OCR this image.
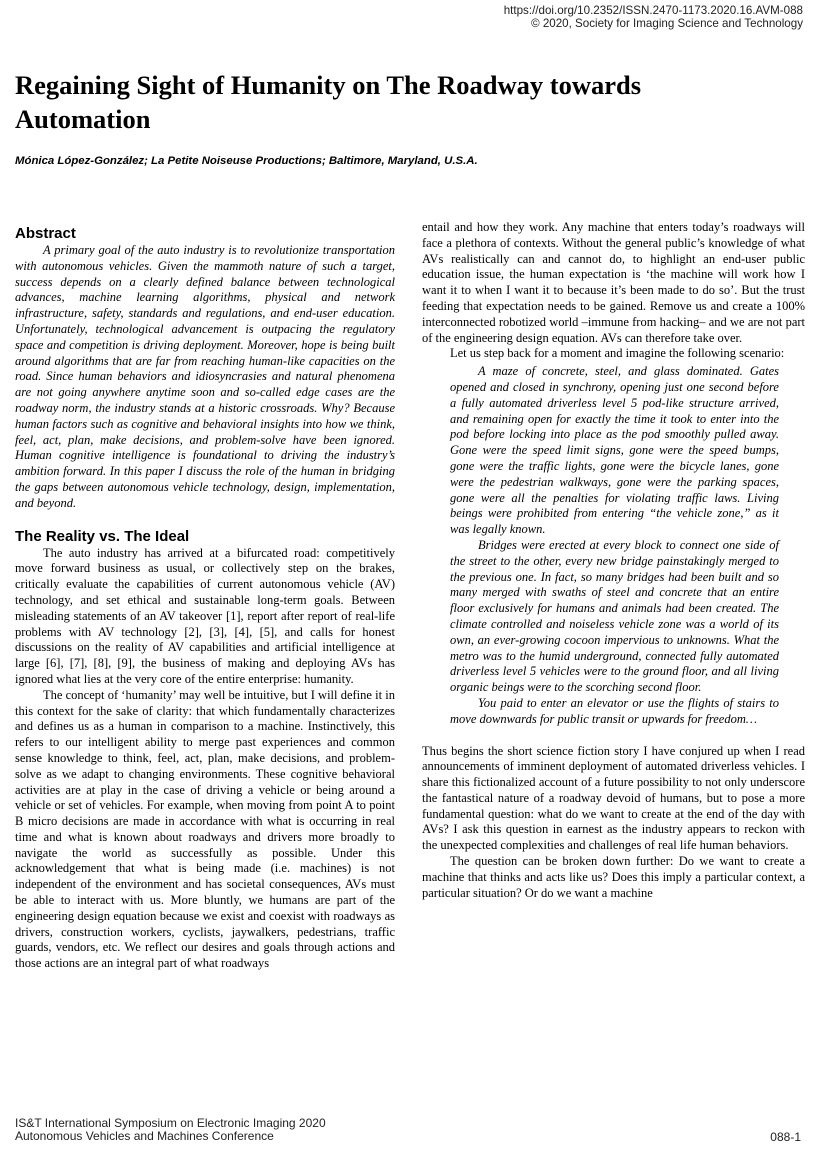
https://doi.org/10.2352/ISSN.2470-1173.2020.16.AVM-088
© 2020, Society for Imaging Science and Technology
Regaining Sight of Humanity on The Roadway towards Automation

Mónica López-González; La Petite Noiseuse Productions; Baltimore, Maryland, U.S.A.

Abstract

A primary goal of the auto industry is to revolutionize transportation with autonomous vehicles. Given the mammoth nature of such a target, success depends on a clearly defined balance between technological advances, machine learning algorithms, physical and network infrastructure, safety, standards and regulations, and end-user education. Unfortunately, technological advancement is outpacing the regulatory space and competition is driving deployment. Moreover, hope is being built around algorithms that are far from reaching human-like capacities on the road. Since human behaviors and idiosyncrasies and natural phenomena are not going anywhere anytime soon and so-called edge cases are the roadway norm, the industry stands at a historic crossroads. Why? Because human factors such as cognitive and behavioral insights into how we think, feel, act, plan, make decisions, and problem-solve have been ignored. Human cognitive intelligence is foundational to driving the industry’s ambition forward. In this paper I discuss the role of the human in bridging the gaps between autonomous vehicle technology, design, implementation, and beyond.

The Reality vs. The Ideal

The auto industry has arrived at a bifurcated road: competitively move forward business as usual, or collectively step on the brakes, critically evaluate the capabilities of current autonomous vehicle (AV) technology, and set ethical and sustainable long-term goals. Between misleading statements of an AV takeover [1], report after report of real-life problems with AV technology [2], [3], [4], [5], and calls for honest discussions on the reality of AV capabilities and artificial intelligence at large [6], [7], [8], [9], the business of making and deploying AVs has ignored what lies at the very core of the entire enterprise: humanity.

The concept of ‘humanity’ may well be intuitive, but I will define it in this context for the sake of clarity: that which fundamentally characterizes and defines us as a human in comparison to a machine. Instinctively, this refers to our intelligent ability to merge past experiences and common sense knowledge to think, feel, act, plan, make decisions, and problem-solve as we adapt to changing environments. These cognitive behavioral activities are at play in the case of driving a vehicle or being around a vehicle or set of vehicles. For example, when moving from point A to point B micro decisions are made in accordance with what is occurring in real time and what is known about roadways and drivers more broadly to navigate the world as successfully as possible. Under this acknowledgement that what is being made (i.e. machines) is not independent of the environment and has societal consequences, AVs must be able to interact with us. More bluntly, we humans are part of the engineering design equation because we exist and coexist with roadways as drivers, construction workers, cyclists, jaywalkers, pedestrians, traffic guards, vendors, etc. We reflect our desires and goals through actions and those actions are an integral part of what roadways

entail and how they work. Any machine that enters today’s roadways will face a plethora of contexts. Without the general public’s knowledge of what AVs realistically can and cannot do, to highlight an end-user public education issue, the human expectation is ‘the machine will work how I want it to when I want it to because it’s been made to do so’. But the trust feeding that expectation needs to be gained. Remove us and create a 100% interconnected robotized world –immune from hacking– and we are not part of the engineering design equation. AVs can therefore take over.

Let us step back for a moment and imagine the following scenario:

A maze of concrete, steel, and glass dominated. Gates opened and closed in synchrony, opening just one second before a fully automated driverless level 5 pod-like structure arrived, and remaining open for exactly the time it took to enter into the pod before locking into place as the pod smoothly pulled away. Gone were the speed limit signs, gone were the speed bumps, gone were the traffic lights, gone were the bicycle lanes, gone were the pedestrian walkways, gone were the parking spaces, gone were all the penalties for violating traffic laws. Living beings were prohibited from entering “the vehicle zone,” as it was legally known.

Bridges were erected at every block to connect one side of the street to the other, every new bridge painstakingly merged to the previous one. In fact, so many bridges had been built and so many merged with swaths of steel and concrete that an entire floor exclusively for humans and animals had been created. The climate controlled and noiseless vehicle zone was a world of its own, an ever-growing cocoon impervious to unknowns. What the metro was to the humid underground, connected fully automated driverless level 5 vehicles were to the ground floor, and all living organic beings were to the scorching second floor.

You paid to enter an elevator or use the flights of stairs to move downwards for public transit or upwards for freedom…

Thus begins the short science fiction story I have conjured up when I read announcements of imminent deployment of automated driverless vehicles. I share this fictionalized account of a future possibility to not only underscore the fantastical nature of a roadway devoid of humans, but to pose a more fundamental question: what do we want to create at the end of the day with AVs? I ask this question in earnest as the industry appears to reckon with the unexpected complexities and challenges of real life human behaviors.

The question can be broken down further: Do we want to create a machine that thinks and acts like us? Does this imply a particular context, a particular situation? Or do we want a machine

IS&T International Symposium on Electronic Imaging 2020
Autonomous Vehicles and Machines Conference	088-1
